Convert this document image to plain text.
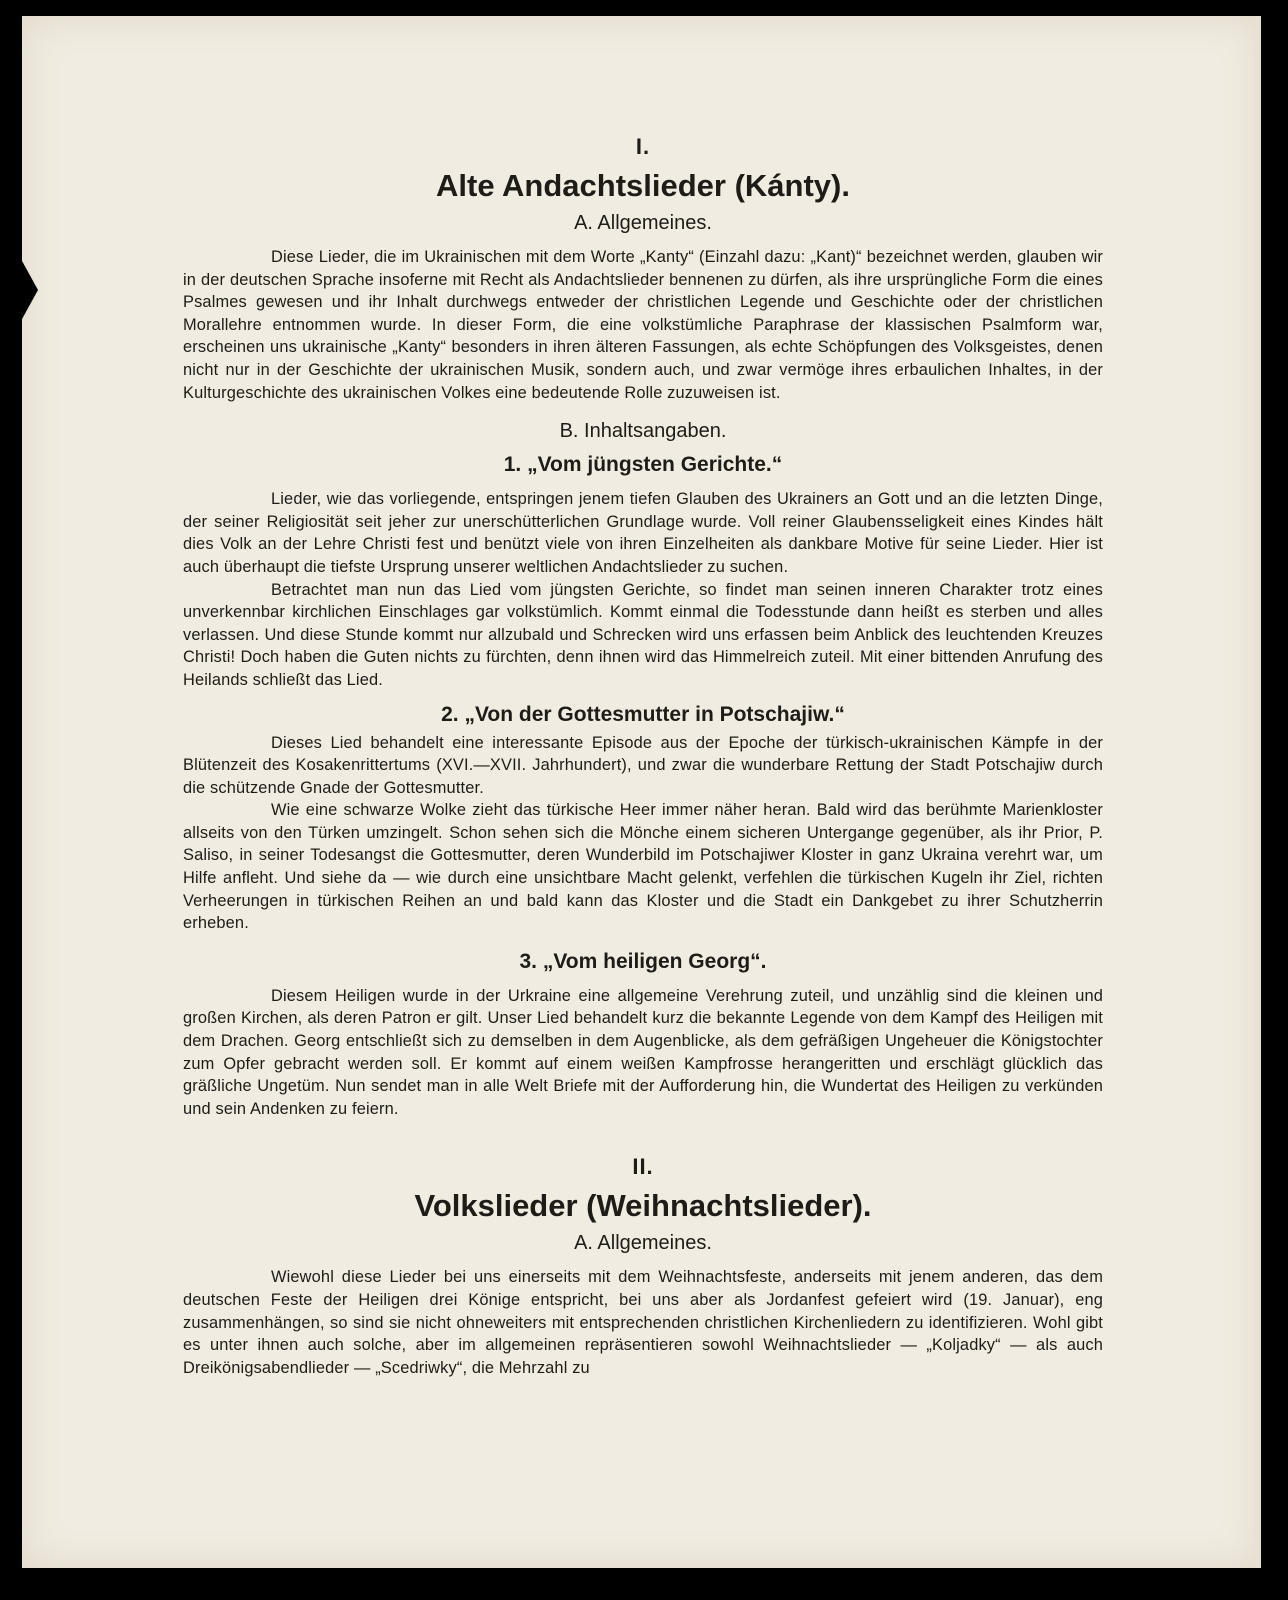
I.

Alte Andachtslieder (Kánty).

A. Allgemeines.

Diese Lieder, die im Ukrainischen mit dem Worte „Kanty“ (Einzahl dazu: „Kant)“ bezeichnet werden, glauben wir in der deutschen Sprache insoferne mit Recht als Andachtslieder bennenen zu dürfen, als ihre ursprüngliche Form die eines Psalmes gewesen und ihr Inhalt durchwegs entweder der christlichen Legende und Geschichte oder der christlichen Morallehre entnommen wurde. In dieser Form, die eine volkstümliche Paraphrase der klassischen Psalmform war, erscheinen uns ukrainische „Kanty“ besonders in ihren älteren Fassungen, als echte Schöpfungen des Volksgeistes, denen nicht nur in der Geschichte der ukrainischen Musik, sondern auch, und zwar vermöge ihres erbaulichen Inhaltes, in der Kulturgeschichte des ukrainischen Volkes eine bedeutende Rolle zuzuweisen ist.

B. Inhaltsangaben.

1. „Vom jüngsten Gerichte.“

Lieder, wie das vorliegende, entspringen jenem tiefen Glauben des Ukrainers an Gott und an die letzten Dinge, der seiner Religiosität seit jeher zur unerschütterlichen Grundlage wurde. Voll reiner Glaubensseligkeit eines Kindes hält dies Volk an der Lehre Christi fest und benützt viele von ihren Einzelheiten als dankbare Motive für seine Lieder. Hier ist auch überhaupt die tiefste Ursprung unserer weltlichen Andachtslieder zu suchen.

Betrachtet man nun das Lied vom jüngsten Gerichte, so findet man seinen inneren Charakter trotz eines unverkennbar kirchlichen Einschlages gar volkstümlich. Kommt einmal die Todesstunde dann heißt es sterben und alles verlassen. Und diese Stunde kommt nur allzubald und Schrecken wird uns erfassen beim Anblick des leuchtenden Kreuzes Christi! Doch haben die Guten nichts zu fürchten, denn ihnen wird das Himmelreich zuteil. Mit einer bittenden Anrufung des Heilands schließt das Lied.

2. „Von der Gottesmutter in Potschajiw.“

Dieses Lied behandelt eine interessante Episode aus der Epoche der türkisch-ukrainischen Kämpfe in der Blütenzeit des Kosakenrittertums (XVI.—XVII. Jahrhundert), und zwar die wunderbare Rettung der Stadt Potschajiw durch die schützende Gnade der Gottesmutter.

Wie eine schwarze Wolke zieht das türkische Heer immer näher heran. Bald wird das berühmte Marienkloster allseits von den Türken umzingelt. Schon sehen sich die Mönche einem sicheren Untergange gegenüber, als ihr Prior, P. Saliso, in seiner Todesangst die Gottesmutter, deren Wunderbild im Potschajiwer Kloster in ganz Ukraina verehrt war, um Hilfe anfleht. Und siehe da — wie durch eine unsichtbare Macht gelenkt, verfehlen die türkischen Kugeln ihr Ziel, richten Verheerungen in türkischen Reihen an und bald kann das Kloster und die Stadt ein Dankgebet zu ihrer Schutzherrin erheben.

3. „Vom heiligen Georg“.

Diesem Heiligen wurde in der Urkraine eine allgemeine Verehrung zuteil, und unzählig sind die kleinen und großen Kirchen, als deren Patron er gilt. Unser Lied behandelt kurz die bekannte Legende von dem Kampf des Heiligen mit dem Drachen. Georg entschließt sich zu demselben in dem Augenblicke, als dem gefräßigen Ungeheuer die Königstochter zum Opfer gebracht werden soll. Er kommt auf einem weißen Kampfrosse herangeritten und erschlägt glücklich das gräßliche Ungetüm. Nun sendet man in alle Welt Briefe mit der Aufforderung hin, die Wundertat des Heiligen zu verkünden und sein Andenken zu feiern.

II.

Volkslieder (Weihnachtslieder).

A. Allgemeines.

Wiewohl diese Lieder bei uns einerseits mit dem Weihnachtsfeste, anderseits mit jenem anderen, das dem deutschen Feste der Heiligen drei Könige entspricht, bei uns aber als Jordanfest gefeiert wird (19. Januar), eng zusammenhängen, so sind sie nicht ohneweiters mit entsprechenden christlichen Kirchenliedern zu identifizieren. Wohl gibt es unter ihnen auch solche, aber im allgemeinen repräsentieren sowohl Weihnachtslieder — „Koljadky“ — als auch Dreikönigsabendlieder — „Scedriwky“, die Mehrzahl zu
